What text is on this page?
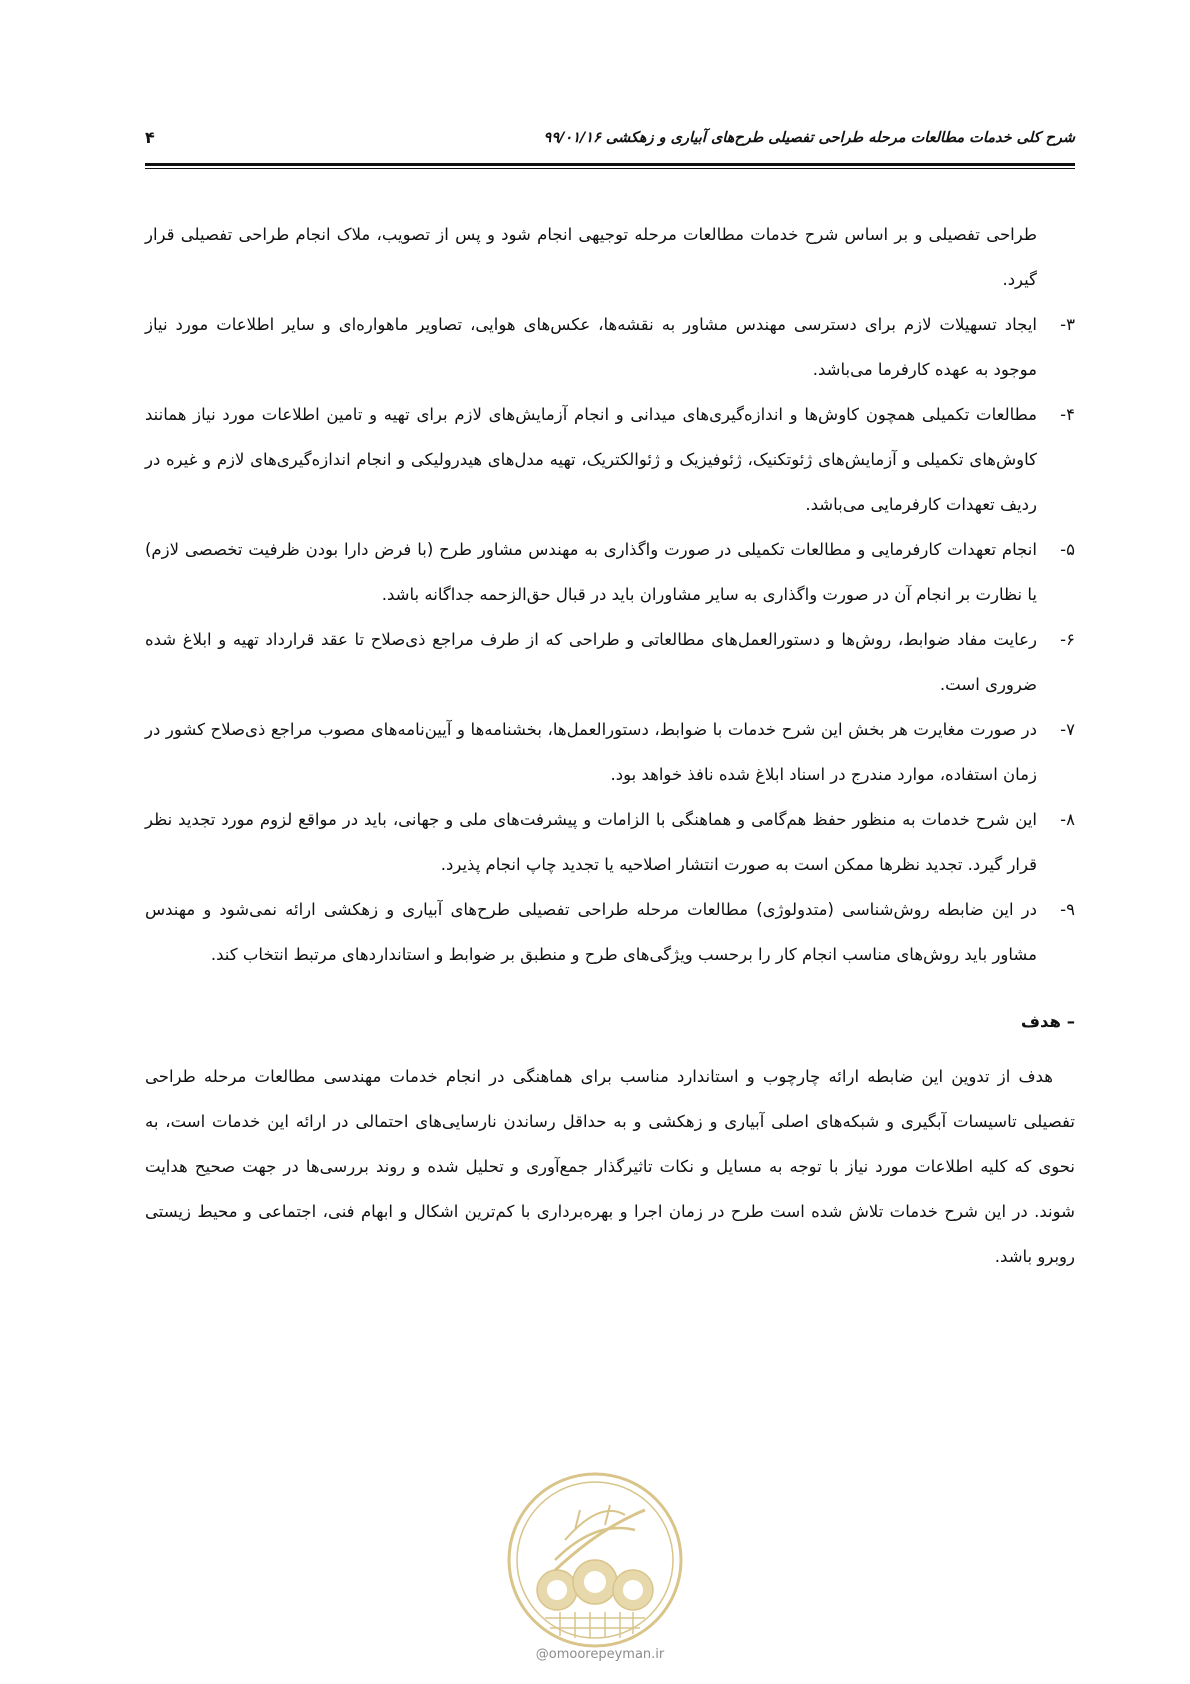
شرح کلی خدمات مطالعات مرحله طراحی تفصیلی طرح‌های آبیاری و زهکشی ۹۹/۰۱/۱۶
۴

طراحی تفصیلی و بر اساس شرح خدمات مطالعات مرحله توجیهی انجام شود و پس از تصویب، ملاک انجام طراحی تفصیلی قرار گیرد.

۳-
ایجاد تسهیلات لازم برای دسترسی مهندس مشاور به نقشه‌ها، عکس‌های هوایی، تصاویر ماهواره‌ای و سایر اطلاعات مورد نیاز موجود به عهده کارفرما می‌باشد.
۴-
مطالعات تکمیلی همچون کاوش‌ها و اندازه‌گیری‌های میدانی و انجام آزمایش‌های لازم برای تهیه و تامین اطلاعات مورد نیاز همانند کاوش‌های تکمیلی و آزمایش‌های ژئوتکنیک، ژئوفیزیک و ژئوالکتریک، تهیه مدل‌های هیدرولیکی و انجام اندازه‌گیری‌های لازم و غیره در ردیف تعهدات کارفرمایی می‌باشد.
۵-
انجام تعهدات کارفرمایی و مطالعات تکمیلی در صورت واگذاری به مهندس مشاور طرح (با فرض دارا بودن ظرفیت تخصصی لازم) یا نظارت بر انجام آن در صورت واگذاری به سایر مشاوران باید در قبال حق‌الزحمه جداگانه باشد.
۶-
رعایت مفاد ضوابط، روش‌ها و دستورالعمل‌های مطالعاتی و طراحی که از طرف مراجع ذی‌صلاح تا عقد قرارداد تهیه و ابلاغ شده ضروری است.
۷-
در صورت مغایرت هر بخش این شرح خدمات با ضوابط، دستورالعمل‌ها، بخشنامه‌ها و آیین‌نامه‌های مصوب مراجع ذی‌صلاح کشور در زمان استفاده، موارد مندرج در اسناد ابلاغ شده نافذ خواهد بود.
۸-
این شرح خدمات به منظور حفظ هم‌گامی و هماهنگی با الزامات و پیشرفت‌های ملی و جهانی، باید در مواقع لزوم مورد تجدید نظر قرار گیرد. تجدید نظرها ممکن است به صورت انتشار اصلاحیه یا تجدید چاپ انجام پذیرد.
۹-
در این ضابطه روش‌شناسی (متدولوژی) مطالعات مرحله طراحی تفصیلی طرح‌های آبیاری و زهکشی ارائه نمی‌شود و مهندس مشاور باید روش‌های مناسب انجام کار را برحسب ویژگی‌های طرح و منطبق بر ضوابط و استانداردهای مرتبط انتخاب کند.
– هدف

هدف از تدوین این ضابطه ارائه چارچوب و استاندارد مناسب برای هماهنگی در انجام خدمات مهندسی مطالعات مرحله طراحی تفصیلی تاسیسات آبگیری و شبکه‌های اصلی آبیاری و زهکشی و به حداقل رساندن نارسایی‌های احتمالی در ارائه این خدمات است، به نحوی که کلیه اطلاعات مورد نیاز با توجه به مسایل و نکات تاثیرگذار جمع‌آوری و تحلیل شده و روند بررسی‌ها در جهت صحیح هدایت شوند. در این شرح خدمات تلاش شده است طرح در زمان اجرا و بهره‌برداری با کم‌ترین اشکال و ابهام فنی، اجتماعی و محیط زیستی روبرو باشد.

@omoorepeyman.ir
